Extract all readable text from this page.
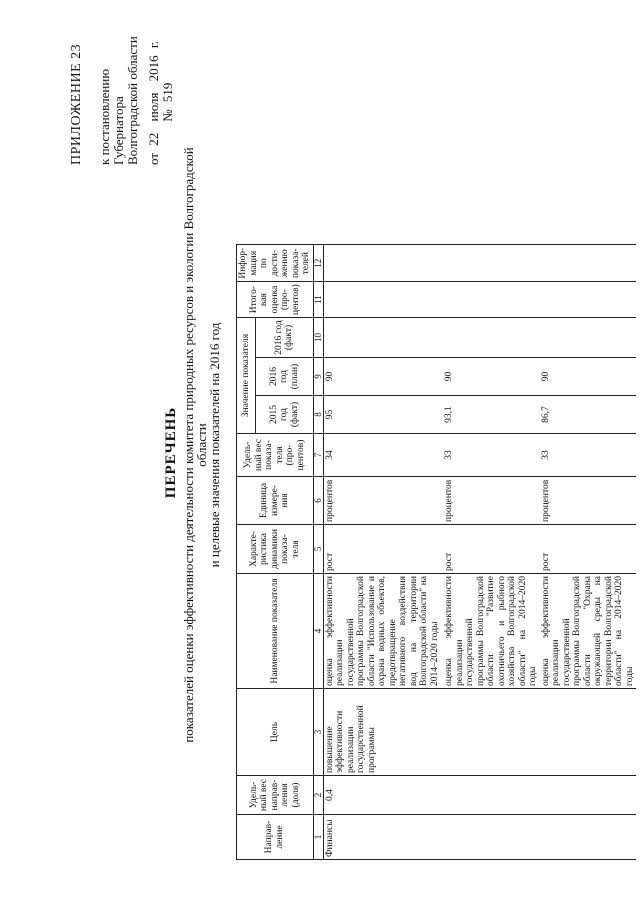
ПРИЛОЖЕНИЕ 23 к постановлению Губернатора Волгоградской области от 22 июля 2016 г.  № 519
ПЕРЕЧЕНЬ показателей оценки эффективности деятельности комитета природных ресурсов и экологии Волгоградской области
и целевые значения показателей на 2016 год
Направ-ление	Удель-ный вес направ-ления (доля)	Цель	Наименование показателя	Характе-ристика динамики показа-теля	Единица измере-ния	Удель-ный вес показа-теля (про-центов)	Значение показателя			Итого-вая оценка (про-центов)	Инфор-мация по дости-жению показа-телей
							2015 год (факт)	2016 год (план)	2016 год (факт)		
1	2	3	4	5	6	7	8	9	10	11	12
Финансы	0,4	повышение эффективности реализации государственной программы	оценка эффективности реализации государственной программы Волгоградской области "Использование и охрана водных объектов, предотвращение негативного воздействия вод на территории Волгоградской области" на 2014–2020 годы	рост	процентов	34	95	90			
			оценка эффективности реализации государственной программы Волгоградской области "Развитие охотничьего и рыбного хозяйства Волгоградской области" на 2014–2020 годы	рост	процентов	33	93,1	90			
			оценка эффективности реализации государственной программы Волгоградской области "Охрана окружающей среды на территории Волгоградской области" на 2014–2020 годы	рост	процентов	33	86,7	90			
